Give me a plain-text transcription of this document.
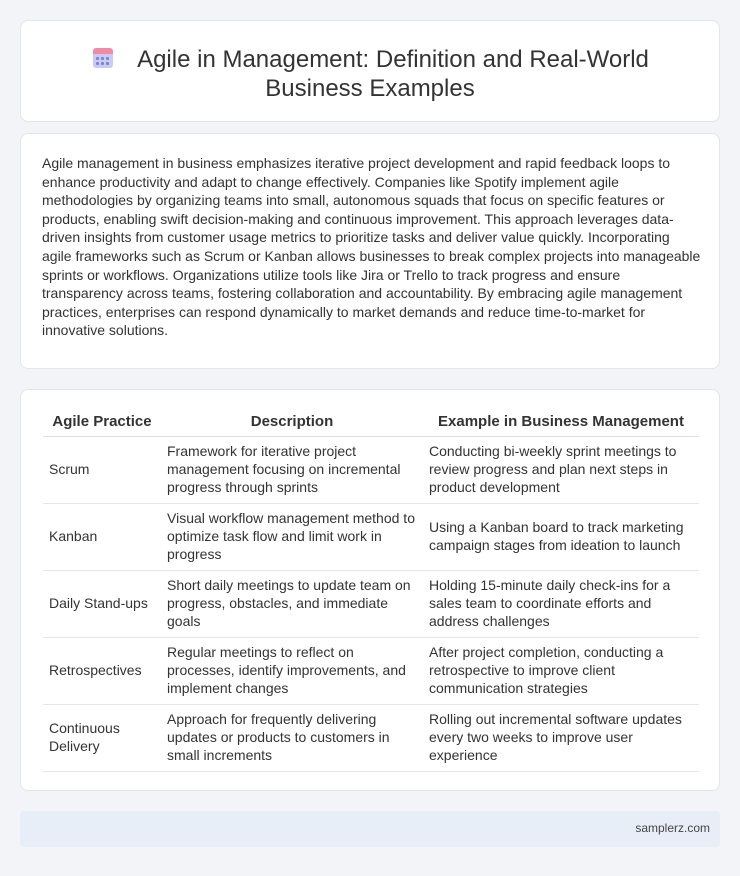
Agile in Management: Definition and Real-World
Business Examples

Agile management in business emphasizes iterative project development and rapid feedback loops to enhance productivity and adapt to change effectively. Companies like Spotify implement agile methodologies by organizing teams into small, autonomous squads that focus on specific features or products, enabling swift decision-making and continuous improvement. This approach leverages data-driven insights from customer usage metrics to prioritize tasks and deliver value quickly. Incorporating agile frameworks such as Scrum or Kanban allows businesses to break complex projects into manageable sprints or workflows. Organizations utilize tools like Jira or Trello to track progress and ensure transparency across teams, fostering collaboration and accountability. By embracing agile management practices, enterprises can respond dynamically to market demands and reduce time-to-market for innovative solutions.

Agile Practice	Description	Example in Business Management
Scrum	Framework for iterative project management focusing on incremental progress through sprints	Conducting bi-weekly sprint meetings to review progress and plan next steps in product development
Kanban	Visual workflow management method to optimize task flow and limit work in progress	Using a Kanban board to track marketing campaign stages from ideation to launch
Daily Stand-ups	Short daily meetings to update team on progress, obstacles, and immediate goals	Holding 15-minute daily check-ins for a sales team to coordinate efforts and address challenges
Retrospectives	Regular meetings to reflect on processes, identify improvements, and implement changes	After project completion, conducting a retrospective to improve client communication strategies
Continuous Delivery	Approach for frequently delivering updates or products to customers in small increments	Rolling out incremental software updates every two weeks to improve user experience
samplerz.com
